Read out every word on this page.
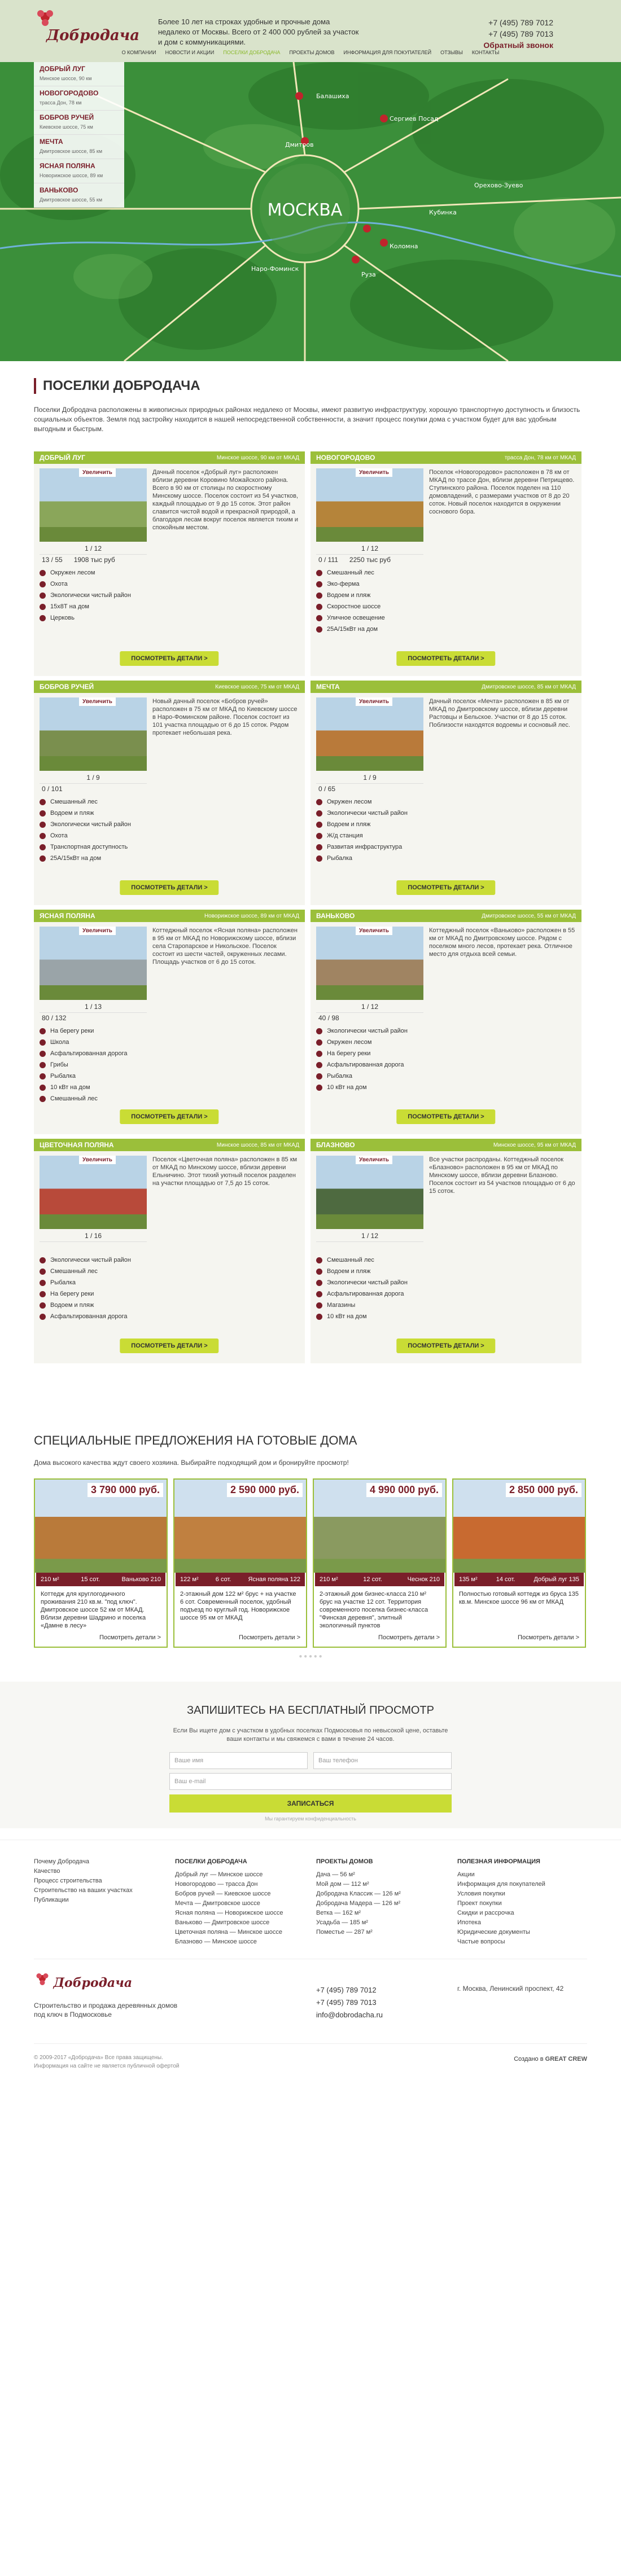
МОСКВА
Балашиха
Дмитров
Сергиев Посад
Орехово-Зуево
Наро-Фоминск
Кубинка
Коломна
Руза
Добродача
Более 10 лет на строках удобные и прочные дома недалеко от Москвы. Всего от 2 400 000 рублей за участок и дом с коммуникациями.
+7 (495) 789 7012
+7 (495) 789 7013
Обратный звонок
О КОМПАНИИ НОВОСТИ И АКЦИИ ПОСЕЛКИ ДОБРОДАЧА ПРОЕКТЫ ДОМОВ ИНФОРМАЦИЯ ДЛЯ ПОКУПАТЕЛЕЙ ОТЗЫВЫ КОНТАКТЫ
ДОБРЫЙ ЛУГ
Минское шоссе, 90 км
НОВОГОРОДОВО
трасса Дон, 78 км
БОБРОВ РУЧЕЙ
Киевское шоссе, 75 км
МЕЧТА
Дмитровское шоссе, 85 км
ЯСНАЯ ПОЛЯНА
Новорижское шоссе, 89 км
ВАНЬКОВО
Дмитровское шоссе, 55 км
ПОСЕЛКИ ДОБРОДАЧА

Поселки Добродача расположены в живописных природных районах недалеко от Москвы, имеют развитую инфраструктуру, хорошую транспортную доступность и близость социальных объектов. Земля под застройку находится в нашей непосредственной собственности, а значит процесс покупки дома с участком будет для вас удобным выгодным и быстрым.

ДОБРЫЙ ЛУГ	Минское шоссе, 90 км от МКАД
Увеличить
1 / 12
13 / 55 1908 тыс руб
Дачный поселок «Добрый луг» расположен вблизи деревни Коровино Можайского района. Всего в 90 км от столицы по скоростному Минскому шоссе. Поселок состоит из 54 участков, каждый площадью от 9 до 15 соток. Этот район славится чистой водой и прекрасной природой, а благодаря лесам вокруг поселок является тихим и спокойным местом.
Окружен лесом
Охота
Экологически чистый район
15x8Т на дом
Церковь
ПОСМОТРЕТЬ ДЕТАЛИ >
НОВОГОРОДОВО	трасса Дон, 78 км от МКАД
Увеличить
1 / 12
0 / 111 2250 тыс руб
Поселок «Новогородово» расположен в 78 км от МКАД по трассе Дон, вблизи деревни Петрищево. Ступинского района. Поселок поделен на 110 домовладений, с размерами участков от 8 до 20 соток. Новый поселок находится в окружении соснового бора.
Смешанный лес
Эко-ферма
Водоем и пляж
Скоростное шоссе
Уличное освещение
25А/15кВт на дом
ПОСМОТРЕТЬ ДЕТАЛИ >
БОБРОВ РУЧЕЙ	Киевское шоссе, 75 км от МКАД
Увеличить
1 / 9
0 / 101
Новый дачный поселок «Бобров ручей» расположен в 75 км от МКАД по Киевскому шоссе в Наро-Фоминском районе. Поселок состоит из 101 участка площадью от 6 до 15 соток. Рядом протекает небольшая река.
Смешанный лес
Водоем и пляж
Экологически чистый район
Охота
Транспортная доступность
25А/15кВт на дом
ПОСМОТРЕТЬ ДЕТАЛИ >
МЕЧТА	Дмитровское шоссе, 85 км от МКАД
Увеличить
1 / 9
0 / 65
Дачный поселок «Мечта» расположен в 85 км от МКАД по Дмитровскому шоссе, вблизи деревни Растовцы и Бельское. Участки от 8 до 15 соток. Поблизости находятся водоемы и сосновый лес.
Окружен лесом
Экологически чистый район
Водоем и пляж
Ж/д станция
Развитая инфраструктура
Рыбалка
ПОСМОТРЕТЬ ДЕТАЛИ >
ЯСНАЯ ПОЛЯНА	Новорижское шоссе, 89 км от МКАД
Увеличить
1 / 13
80 / 132
Коттеджный поселок «Ясная поляна» расположен в 95 км от МКАД по Новорижскому шоссе, вблизи села Старопарское и Никольское. Поселок состоит из шести частей, окруженных лесами. Площадь участков от 6 до 15 соток.
На берегу реки
Школа
Асфальтированная дорога
Грибы
Рыбалка
10 кВт на дом
Смешанный лес
ПОСМОТРЕТЬ ДЕТАЛИ >
ВАНЬКОВО	Дмитровское шоссе, 55 км от МКАД
Увеличить
1 / 12
40 / 98
Коттеджный поселок «Ваньково» расположен в 55 км от МКАД по Дмитровскому шоссе. Рядом с поселком много лесов, протекает река. Отличное место для отдыха всей семьи.
Экологически чистый район
Окружен лесом
На берегу реки
Асфальтированная дорога
Рыбалка
10 кВт на дом
ПОСМОТРЕТЬ ДЕТАЛИ >
ЦВЕТОЧНАЯ ПОЛЯНА	Минское шоссе, 85 км от МКАД
Увеличить
1 / 16
Поселок «Цветочная поляна» расположен в 85 км от МКАД по Минскому шоссе, вблизи деревни Ельничино. Этот тихий уютный поселок разделен на участки площадью от 7,5 до 15 соток.
Экологически чистый район
Смешанный лес
Рыбалка
На берегу реки
Водоем и пляж
Асфальтированная дорога
ПОСМОТРЕТЬ ДЕТАЛИ >
БЛАЗНОВО	Минское шоссе, 95 км от МКАД
Увеличить
1 / 12
Все участки распроданы. Коттеджный поселок «Блазново» расположен в 95 км от МКАД по Минскому шоссе, вблизи деревни Блазново. Поселок состоит из 54 участков площадью от 6 до 15 соток.
Смешанный лес
Водоем и пляж
Экологически чистый район
Асфальтированная дорога
Магазины
10 кВт на дом
ПОСМОТРЕТЬ ДЕТАЛИ >
СПЕЦИАЛЬНЫЕ ПРЕДЛОЖЕНИЯ НА ГОТОВЫЕ ДОМА

Дома высокого качества ждут своего хозяина. Выбирайте подходящий дом и бронируйте просмотр!

3 790 000 руб.
210 м²	15 сот.	Ваньково 210
Коттедж для круглогодичного проживания 210 кв.м. "под ключ". Дмитровское шоссе 52 км от МКАД. Вблизи деревни Шадрино и поселка «Дамне в лесу»
Посмотреть детали >
2 590 000 руб.
122 м²	6 сот.	Ясная поляна 122
2-этажный дом 122 м² брус + на участке 6 сот. Современный поселок, удобный подъезд по круглый год. Новорижское шоссе 95 км от МКАД
Посмотреть детали >
4 990 000 руб.
210 м²	12 сот.	Чеснок 210
2-этажный дом бизнес-класса 210 м² брус на участке 12 сот. Территория современного поселка бизнес-класса "Финская деревня", элитный экологичный пунктов
Посмотреть детали >
2 850 000 руб.
135 м²	14 сот.	Добрый луг 135
Полностью готовый коттедж из бруса 135 кв.м. Минское шоссе 96 км от МКАД
Посмотреть детали >
● ● ● ● ●
ЗАПИШИТЕСЬ НА БЕСПЛАТНЫЙ ПРОСМОТР

Если Вы ищете дом с участком в удобных поселках Подмосковья по невысокой цене, оставьте ваши контакты и мы свяжемся с вами в течение 24 часов.

Ваше имя	Ваш телефон
Ваш e-mail
ЗАПИСАТЬСЯ

Мы гарантируем конфиденциальность

Почему Добродача

Качество

Процесс строительства

Строительство на ваших участках

Публикации

ПОСЕЛКИ ДОБРОДАЧА

Добрый луг — Минское шоссе

Новогородово — трасса Дон

Бобров ручей — Киевское шоссе

Мечта — Дмитровское шоссе

Ясная поляна — Новорижское шоссе

Ваньково — Дмитровское шоссе

Цветочная поляна — Минское шоссе

Блазново — Минское шоссе

ПРОЕКТЫ ДОМОВ

Дача — 56 м²

Мой дом — 112 м²

Добродача Классик — 126 м²

Добродача Мадера — 126 м²

Ветка — 162 м²

Усадьба — 185 м²

Поместье — 287 м²

ПОЛЕЗНАЯ ИНФОРМАЦИЯ

Акции

Информация для покупателей

Условия покупки

Проект покупки

Скидки и рассрочка

Ипотека

Юридические документы

Частые вопросы

Добродача

Строительство и продажа деревянных домов под ключ в Подмосковье

+7 (495) 789 7012
+7 (495) 789 7013
info@dobrodacha.ru

г. Москва, Ленинский проспект, 42

© 2009-2017 «Добродача» Все права защищены.

Информация на сайте не является публичной офертой

Создано в GREAT CREW
